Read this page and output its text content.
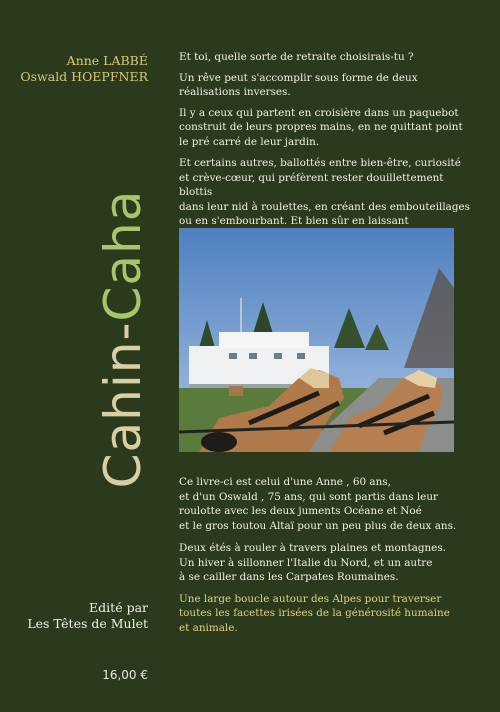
Anne LABBÉ
Oswald HOEPFNER
Cahin-Caha
Edité par
Les Têtes de Mulet
16,00 €

Et toi, quelle sorte de retraite choisirais-tu ?

Un rêve peut s'accomplir sous forme de deux
réalisations inverses.

Il y a ceux qui partent en croisière dans un paquebot
construit de leurs propres mains, en ne quittant point
le pré carré de leur jardin.

Et certains autres, ballottés entre bien-être, curiosité
et crève-cœur, qui préfèrent rester douillettement blottis
dans leur nid à roulettes, en créant des embouteillages
ou en s'embourbant. Et bien sûr en laissant

Ce livre-ci est celui d'une Anne , 60 ans,
et d'un Oswald , 75 ans, qui sont partis dans leur
roulotte avec les deux juments Océane et Noé
et le gros toutou Altaï pour un peu plus de deux ans.

Deux étés à rouler à travers plaines et montagnes.
Un hiver à sillonner l'Italie du Nord, et un autre
à se cailler dans les Carpates Roumaines.

Une large boucle autour des Alpes pour traverser
toutes les facettes irisées de la générosité humaine
et animale.
